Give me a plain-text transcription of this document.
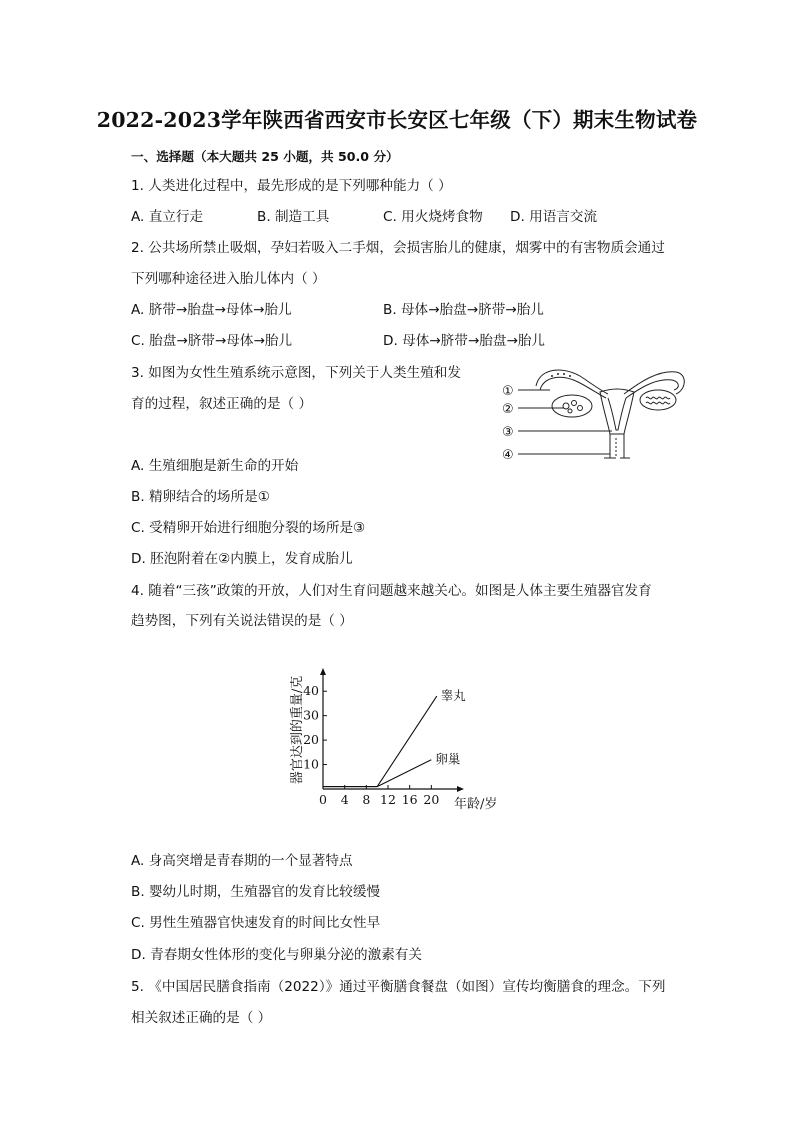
2022-2023学年陕西省西安市长安区七年级（下）期末生物试卷
一、选择题（本大题共 25 小题，共 50.0 分）
1. 人类进化过程中，最先形成的是下列哪种能力（ ）
A. 直立行走	B. 制造工具	C. 用火烧烤食物 D. 用语言交流
2. 公共场所禁止吸烟，孕妇若吸入二手烟，会损害胎儿的健康，烟雾中的有害物质会通过
下列哪种途径进入胎儿体内（ ）
A. 脐带→胎盘→母体→胎儿	B. 母体→胎盘→脐带→胎儿
C. 胎盘→脐带→母体→胎儿	D. 母体→脐带→胎盘→胎儿
3. 如图为女性生殖系统示意图，下列关于人类生殖和发
育的过程，叙述正确的是（ ）
①
②
③
④
A. 生殖细胞是新生命的开始
B. 精卵结合的场所是①
C. 受精卵开始进行细胞分裂的场所是③
D. 胚泡附着在②内膜上，发育成胎儿
4. 随着“三孩”政策的开放，人们对生育问题越来越关心。如图是人体主要生殖器官发育
趋势图，下列有关说法错误的是（ ）
器官达到的重量/克
年龄/岁
0 4 8 12 16 20
10
20
30
40	睾丸
卵巢
A. 身高突增是青春期的一个显著特点
B. 婴幼儿时期，生殖器官的发育比较缓慢
C. 男性生殖器官快速发育的时间比女性早
D. 青春期女性体形的变化与卵巢分泌的激素有关
5. 《中国居民膳食指南（2022）》通过平衡膳食餐盘（如图）宣传均衡膳食的理念。下列
相关叙述正确的是（ ）
